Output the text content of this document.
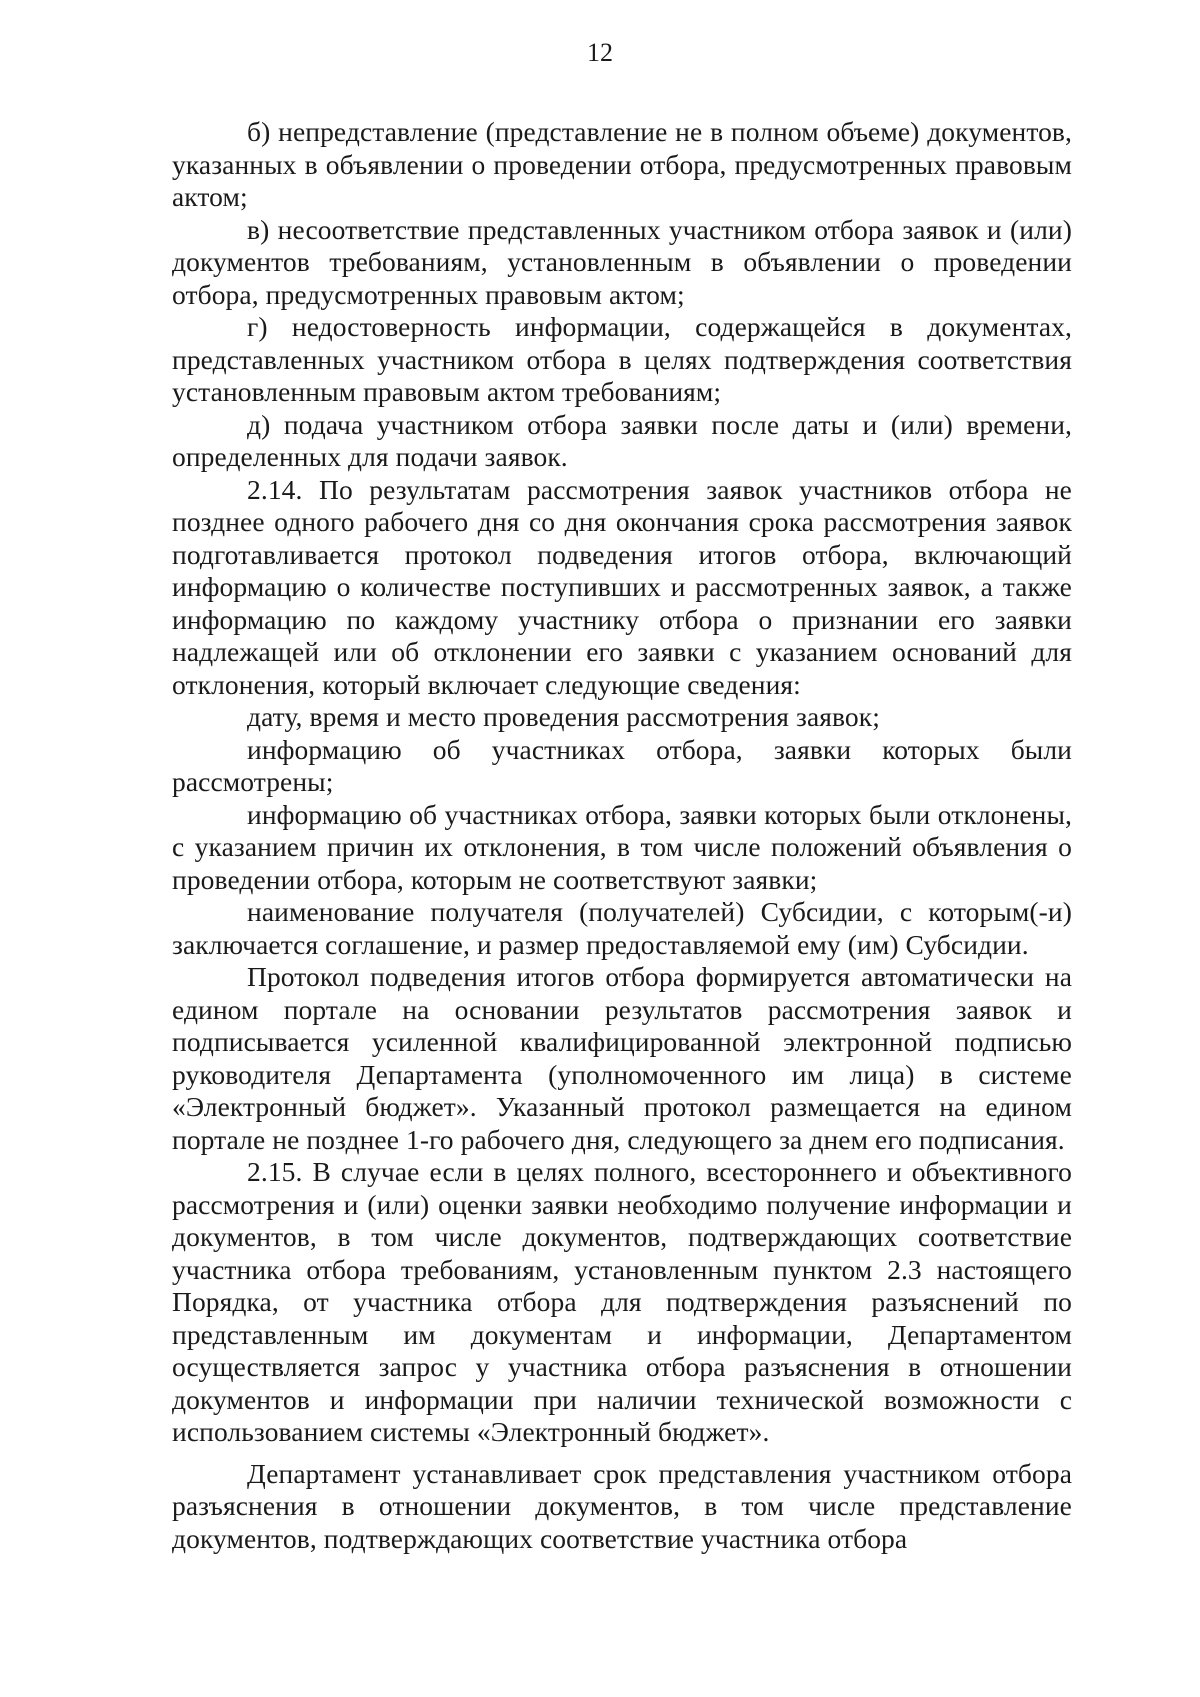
12

б) непредставление (представление не в полном объеме) документов, указанных в объявлении о проведении отбора, предусмотренных правовым актом;

в) несоответствие представленных участником отбора заявок и (или) документов требованиям, установленным в объявлении о проведении отбора, предусмотренных правовым актом;

г) недостоверность информации, содержащейся в документах, представленных участником отбора в целях подтверждения соответствия установленным правовым актом требованиям;

д) подача участником отбора заявки после даты и (или) времени, определенных для подачи заявок.

2.14. По результатам рассмотрения заявок участников отбора не позднее одного рабочего дня со дня окончания срока рассмотрения заявок подготавливается протокол подведения итогов отбора, включающий информацию о количестве поступивших и рассмотренных заявок, а также информацию по каждому участнику отбора о признании его заявки надлежащей или об отклонении его заявки с указанием оснований для отклонения, который включает следующие сведения:

дату, время и место проведения рассмотрения заявок;

информацию об участниках отбора, заявки которых были рассмотрены;

информацию об участниках отбора, заявки которых были отклонены, с указанием причин их отклонения, в том числе положений объявления о проведении отбора, которым не соответствуют заявки;

наименование получателя (получателей) Субсидии, с которым(-и) заключается соглашение, и размер предоставляемой ему (им) Субсидии.

Протокол подведения итогов отбора формируется автоматически на едином портале на основании результатов рассмотрения заявок и подписывается усиленной квалифицированной электронной подписью руководителя Департамента (уполномоченного им лица) в системе «Электронный бюджет». Указанный протокол размещается на едином портале не позднее 1-го рабочего дня, следующего за днем его подписания.

2.15. В случае если в целях полного, всестороннего и объективного рассмотрения и (или) оценки заявки необходимо получение информации и документов, в том числе документов, подтверждающих соответствие участника отбора требованиям, установленным пунктом 2.3 настоящего Порядка, от участника отбора для подтверждения разъяснений по представленным им документам и информации, Департаментом осуществляется запрос у участника отбора разъяснения в отношении документов и информации при наличии технической возможности с использованием системы «Электронный бюджет».

Департамент устанавливает срок представления участником отбора разъяснения в отношении документов, в том числе представление документов, подтверждающих соответствие участника отбора
